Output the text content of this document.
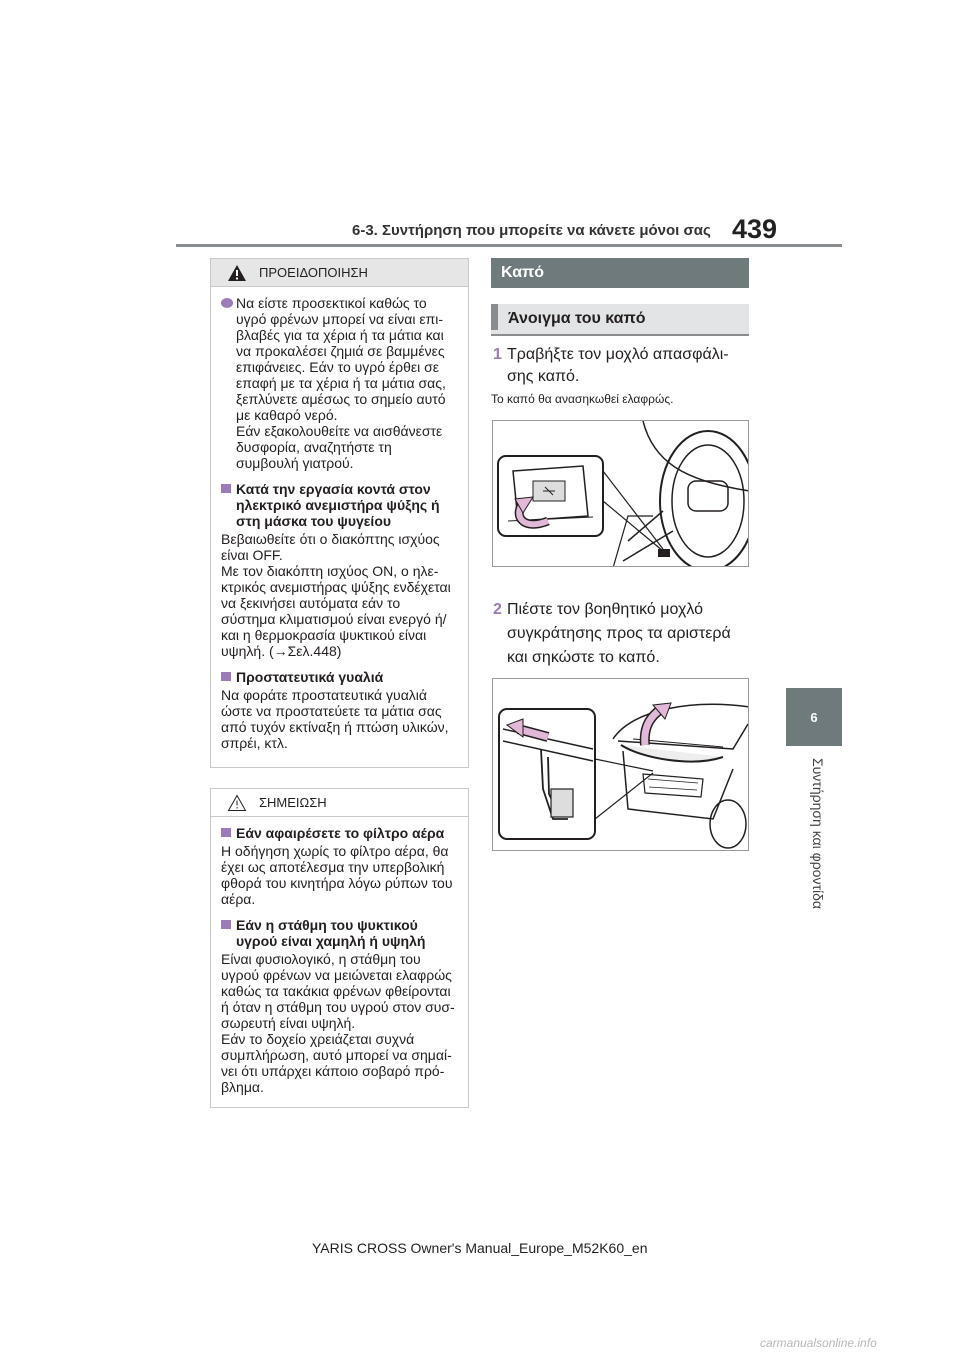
6-3. Συντήρηση που μπορείτε να κάνετε μόνοι σας 439
6
Συντήρηση και φροντίδα
ΠΡΟΕΙΔΟΠΟΙΗΣΗ
Να είστε προσεκτικοί καθώς το υγρό φρένων μπορεί να είναι επι-βλαβές για τα χέρια ή τα μάτια και να προκαλέσει ζημιά σε βαμμένες επιφάνειες. Εάν το υγρό έρθει σε επαφή με τα χέρια ή τα μάτια σας, ξεπλύνετε αμέσως το σημείο αυτό με καθαρό νερό.
Εάν εξακολουθείτε να αισθάνεστε δυσφορία, αναζητήστε τη συμβουλή γιατρού.
Κατά την εργασία κοντά στον ηλεκτρικό ανεμιστήρα ψύξης ή στη μάσκα του ψυγείου

Βεβαιωθείτε ότι ο διακόπτης ισχύος είναι OFF.
Με τον διακόπτη ισχύος ON, ο ηλε-κτρικός ανεμιστήρας ψύξης ενδέχεται να ξεκινήσει αυτόματα εάν το σύστημα κλιματισμού είναι ενεργό ή/και η θερμοκρασία ψυκτικού είναι υψηλή. (→Σελ.448)

Προστατευτικά γυαλιά

Να φοράτε προστατευτικά γυαλιά ώστε να προστατεύετε τα μάτια σας από τυχόν εκτίναξη ή πτώση υλικών, σπρέι, κτλ.

ΣΗΜΕΙΩΣΗ
Εάν αφαιρέσετε το φίλτρο αέρα

Η οδήγηση χωρίς το φίλτρο αέρα, θα έχει ως αποτέλεσμα την υπερβολική φθορά του κινητήρα λόγω ρύπων του αέρα.

Εάν η στάθμη του ψυκτικού υγρού είναι χαμηλή ή υψηλή

Είναι φυσιολογικό, η στάθμη του υγρού φρένων να μειώνεται ελαφρώς καθώς τα τακάκια φρένων φθείρονται ή όταν η στάθμη του υγρού στον συσ-σωρευτή είναι υψηλή.
Εάν το δοχείο χρειάζεται συχνά συμπλήρωση, αυτό μπορεί να σημαί-νει ότι υπάρχει κάποιο σοβαρό πρό-βλημα.

Καπό
Άνοιγμα του καπό
1 Τραβήξτε τον μοχλό απασφάλι-
σης καπό.
Το καπό θα ανασηκωθεί ελαφρώς.
2 Πιέστε τον βοηθητικό μοχλό
συγκράτησης προς τα αριστερά
και σηκώστε το καπό.
YARIS CROSS Owner's Manual_Europe_M52K60_en
carmanualsonline.info
